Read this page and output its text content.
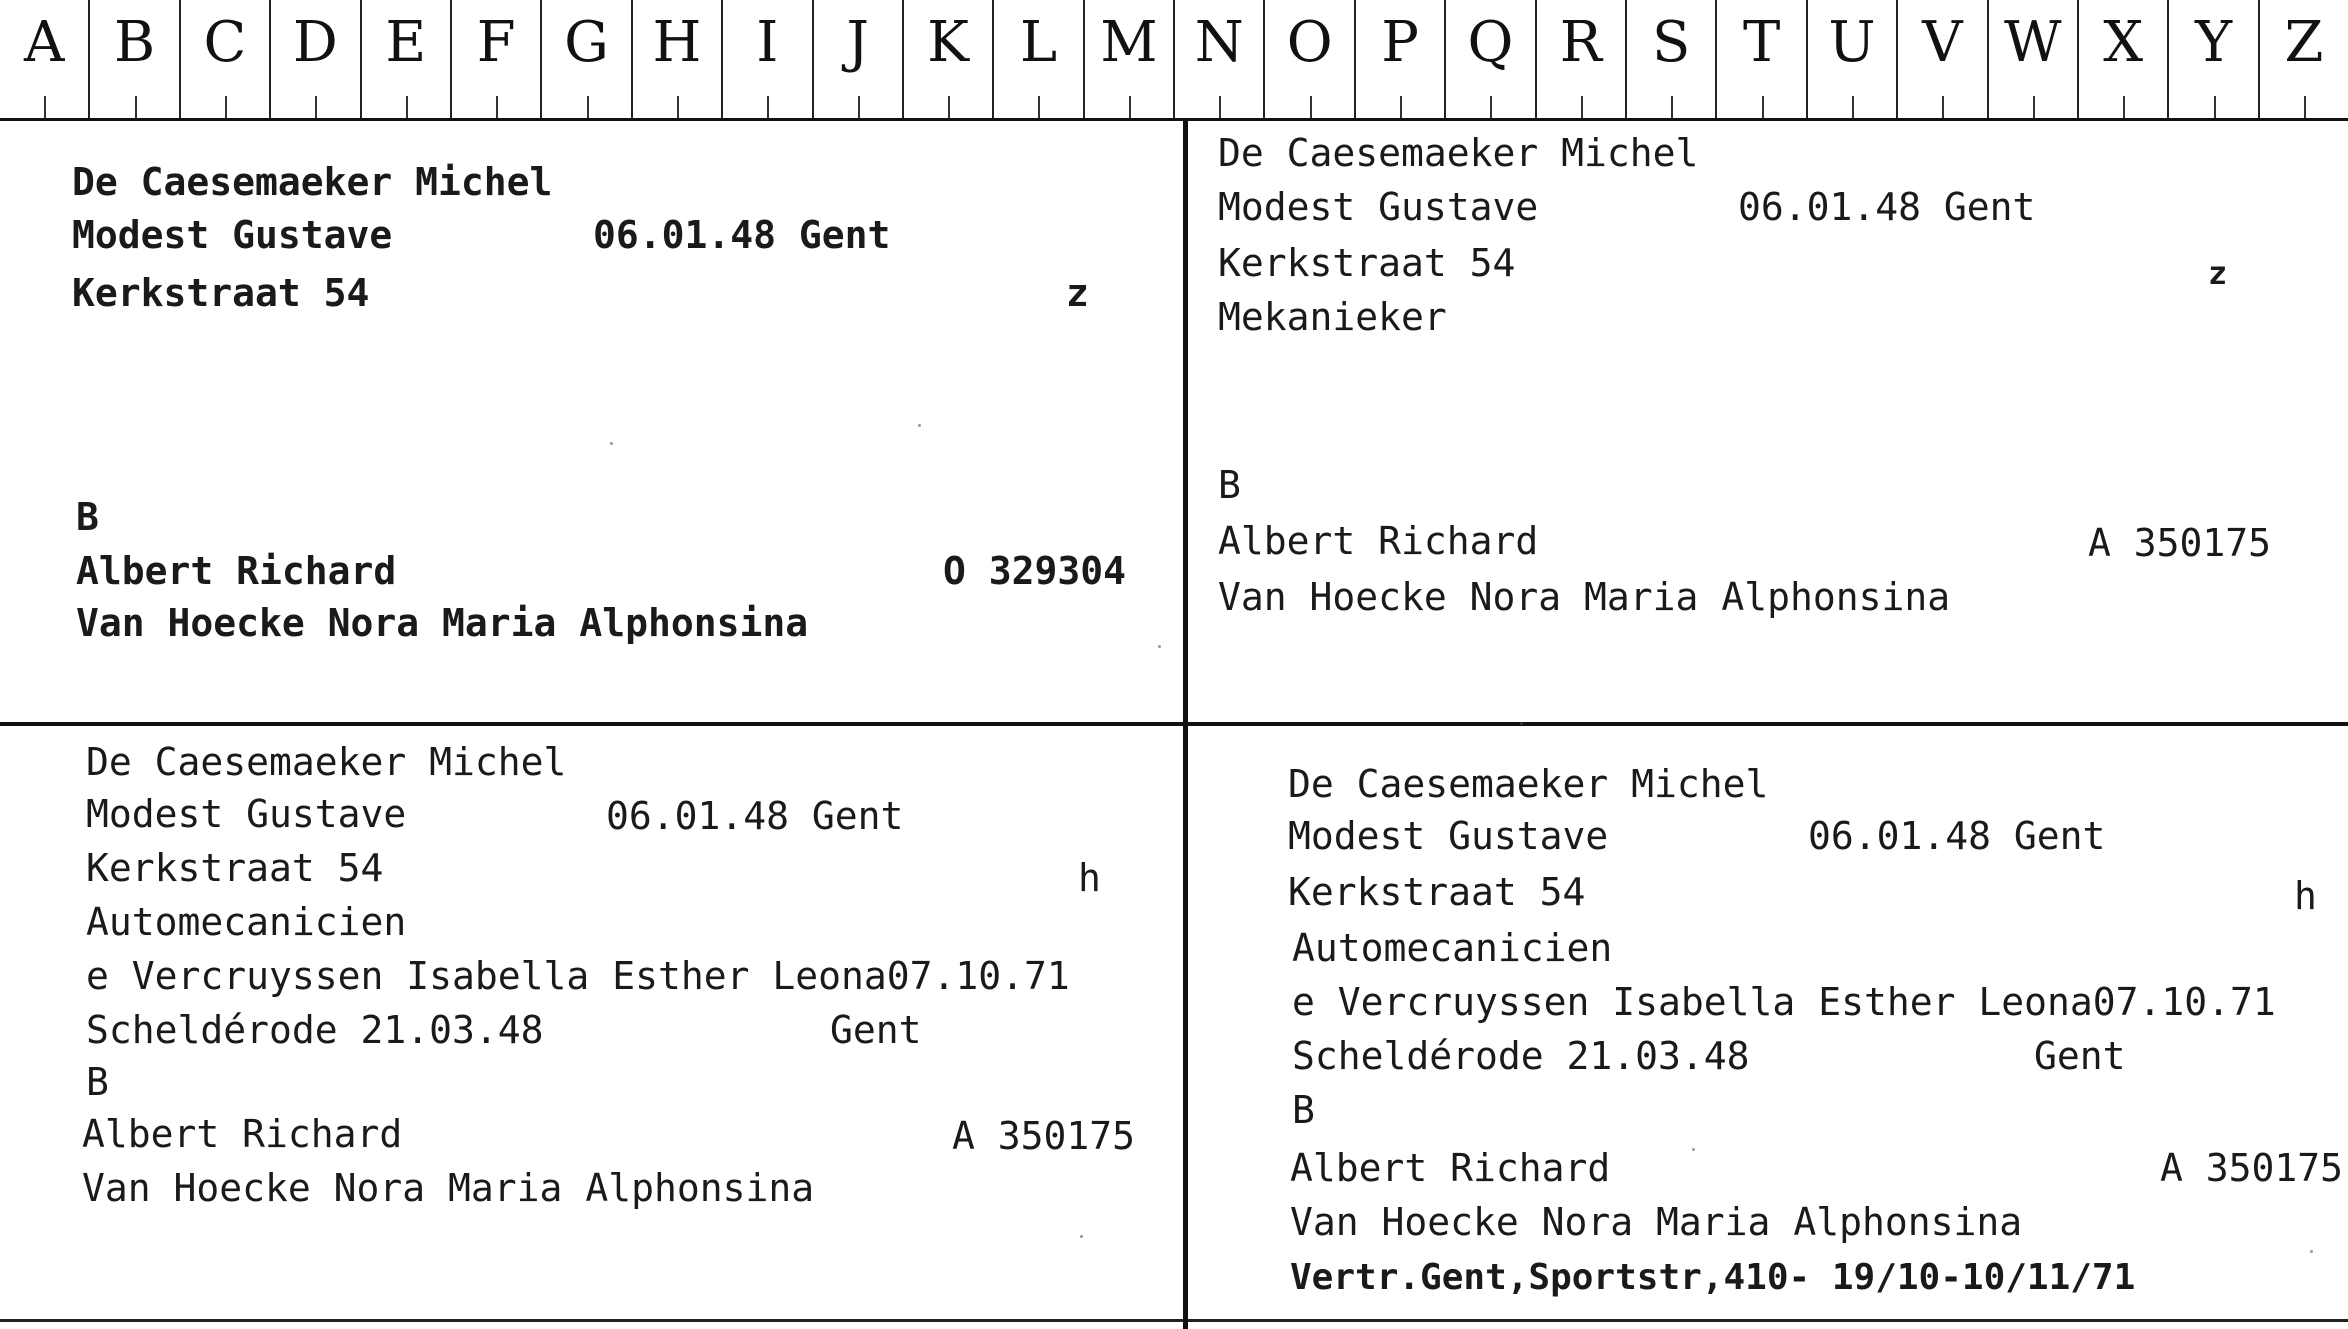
A B C D E F G H I	J	K L M N O P Q R S T U V W X Y Z
De Caesemaeker Michel
Modest Gustave	06.01.48 Gent
Kerkstraat 54	z
B
Albert Richard	O 329304
Van Hoecke Nora Maria Alphonsina
De Caesemaeker Michel
Modest Gustave	06.01.48 Gent
Kerkstraat 54	z
Mekanieker
B
Albert Richard	A 350175
Van Hoecke Nora Maria Alphonsina
De Caesemaeker Michel
Modest Gustave	06.01.48 Gent
Kerkstraat 54	h
Automecanicien
e Vercruyssen Isabella Esther Leona07.10.71
Scheldérode 21.03.48	Gent
B
Albert Richard	A 350175
Van Hoecke Nora Maria Alphonsina
De Caesemaeker Michel
Modest Gustave	06.01.48 Gent
Kerkstraat 54	h
Automecanicien
e Vercruyssen Isabella Esther Leona07.10.71
Scheldérode 21.03.48	Gent
B
Albert Richard	A 350175
Van Hoecke Nora Maria Alphonsina
Vertr.Gent,Sportstr,410- 19/10-10/11/71
